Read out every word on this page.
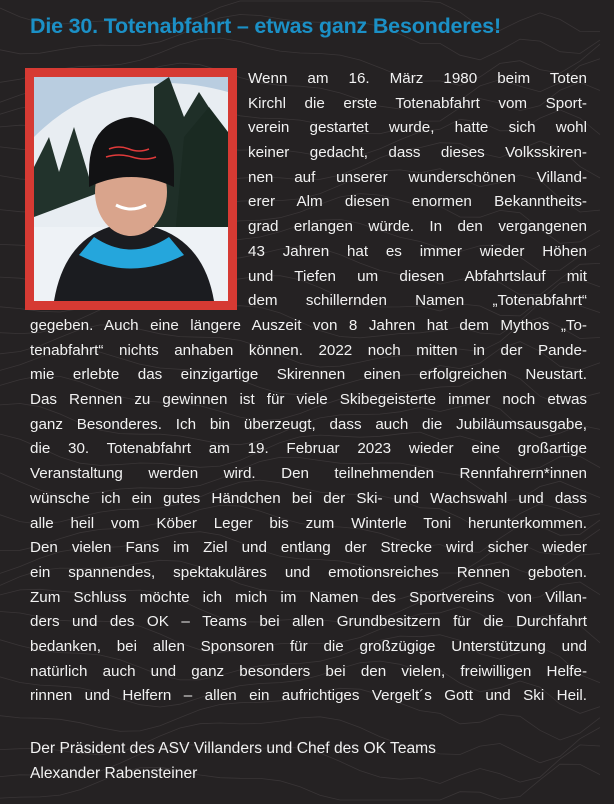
Die 30. Totenabfahrt – etwas ganz Besonderes!
Wenn am 16. März 1980 beim Toten
Kirchl die erste Totenabfahrt vom Sport-
verein gestartet wurde, hatte sich wohl
keiner gedacht, dass dieses Volksskiren-
nen auf unserer wunderschönen Villand-
erer Alm diesen enormen Bekanntheits-
grad erlangen würde. In den vergangenen
43 Jahren hat es immer wieder Höhen
und Tiefen um diesen Abfahrtslauf mit
dem schillernden Namen „Totenabfahrt“
gegeben. Auch eine längere Auszeit von 8 Jahren hat dem Mythos „To-
tenabfahrt“ nichts anhaben können. 2022 noch mitten in der Pande-
mie erlebte das einzigartige Skirennen einen erfolgreichen Neustart.
Das Rennen zu gewinnen ist für viele Skibegeisterte immer noch etwas
ganz Besonderes. Ich bin überzeugt, dass auch die Jubiläumsausgabe,
die 30. Totenabfahrt am 19. Februar 2023 wieder eine großartige
Veranstaltung werden wird. Den teilnehmenden Rennfahrern*innen
wünsche ich ein gutes Händchen bei der Ski- und Wachswahl und dass
alle heil vom Köber Leger bis zum Winterle Toni herunterkommen.
Den vielen Fans im Ziel und entlang der Strecke wird sicher wieder
ein spannendes, spektakuläres und emotionsreiches Rennen geboten.
Zum Schluss möchte ich mich im Namen des Sportvereins von Villan-
ders und des OK – Teams bei allen Grundbesitzern für die Durchfahrt
bedanken, bei allen Sponsoren für die großzügige Unterstützung und
natürlich auch und ganz besonders bei den vielen, freiwilligen Helfe-
rinnen und Helfern – allen ein aufrichtiges Vergelt´s Gott und Ski Heil.
Der Präsident des ASV Villanders und Chef des OK Teams
Alexander Rabensteiner
